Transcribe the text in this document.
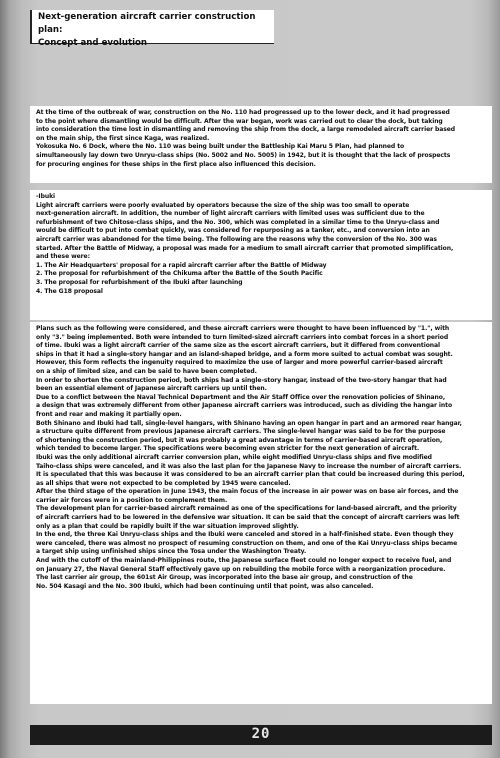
Next-generation aircraft carrier construction plan:
Concept and evolution
At the time of the outbreak of war, construction on the No. 110 had progressed up to the lower deck, and it had progressed
to the point where dismantling would be difficult. After the war began, work was carried out to clear the dock, but taking
into consideration the time lost in dismantling and removing the ship from the dock, a large remodeled aircraft carrier based
on the main ship, the first since Kaga, was realized.
Yokosuka No. 6 Dock, where the No. 110 was being built under the Battleship Kai Maru 5 Plan, had planned to
simultaneously lay down two Unryu-class ships (No. 5002 and No. 5005) in 1942, but it is thought that the lack of prospects
for procuring engines for these ships in the first place also influenced this decision.
-Ibuki
Light aircraft carriers were poorly evaluated by operators because the size of the ship was too small to operate
next-generation aircraft. In addition, the number of light aircraft carriers with limited uses was sufficient due to the
refurbishment of two Chitose-class ships, and the No. 300, which was completed in a similar time to the Unryu-class and
would be difficult to put into combat quickly, was considered for repurposing as a tanker, etc., and conversion into an
aircraft carrier was abandoned for the time being. The following are the reasons why the conversion of the No. 300 was
started. After the Battle of Midway, a proposal was made for a medium to small aircraft carrier that promoted simplification,
and these were:
1. The Air Headquarters' proposal for a rapid aircraft carrier after the Battle of Midway
2. The proposal for refurbishment of the Chikuma after the Battle of the South Pacific
3. The proposal for refurbishment of the Ibuki after launching
4. The G18 proposal
Plans such as the following were considered, and these aircraft carriers were thought to have been influenced by "1.", with
only "3." being implemented. Both were intended to turn limited-sized aircraft carriers into combat forces in a short period
of time. Ibuki was a light aircraft carrier of the same size as the escort aircraft carriers, but it differed from conventional
ships in that it had a single-story hangar and an island-shaped bridge, and a form more suited to actual combat was sought.
However, this form reflects the ingenuity required to maximize the use of larger and more powerful carrier-based aircraft
on a ship of limited size, and can be said to have been completed.
In order to shorten the construction period, both ships had a single-story hangar, instead of the two-story hangar that had
been an essential element of Japanese aircraft carriers up until then.
Due to a conflict between the Naval Technical Department and the Air Staff Office over the renovation policies of Shinano,
a design that was extremely different from other Japanese aircraft carriers was introduced, such as dividing the hangar into
front and rear and making it partially open.
Both Shinano and Ibuki had tall, single-level hangars, with Shinano having an open hangar in part and an armored rear hangar,
a structure quite different from previous Japanese aircraft carriers. The single-level hangar was said to be for the purpose
of shortening the construction period, but it was probably a great advantage in terms of carrier-based aircraft operation,
which tended to become larger. The specifications were becoming even stricter for the next generation of aircraft.
Ibuki was the only additional aircraft carrier conversion plan, while eight modified Unryu-class ships and five modified
Taiho-class ships were canceled, and it was also the last plan for the Japanese Navy to increase the number of aircraft carriers.
It is speculated that this was because it was considered to be an aircraft carrier plan that could be increased during this period,
as all ships that were not expected to be completed by 1945 were canceled.
After the third stage of the operation in June 1943, the main focus of the increase in air power was on base air forces, and the
carrier air forces were in a position to complement them.
The development plan for carrier-based aircraft remained as one of the specifications for land-based aircraft, and the priority
of aircraft carriers had to be lowered in the defensive war situation. It can be said that the concept of aircraft carriers was left
only as a plan that could be rapidly built if the war situation improved slightly.
In the end, the three Kai Unryu-class ships and the Ibuki were canceled and stored in a half-finished state. Even though they
were canceled, there was almost no prospect of resuming construction on them, and one of the Kai Unryu-class ships became
a target ship using unfinished ships since the Tosa under the Washington Treaty.
And with the cutoff of the mainland-Philippines route, the Japanese surface fleet could no longer expect to receive fuel, and
on January 27, the Naval General Staff effectively gave up on rebuilding the mobile force with a reorganization procedure.
The last carrier air group, the 601st Air Group, was incorporated into the base air group, and construction of the
No. 504 Kasagi and the No. 300 Ibuki, which had been continuing until that point, was also canceled.
20
